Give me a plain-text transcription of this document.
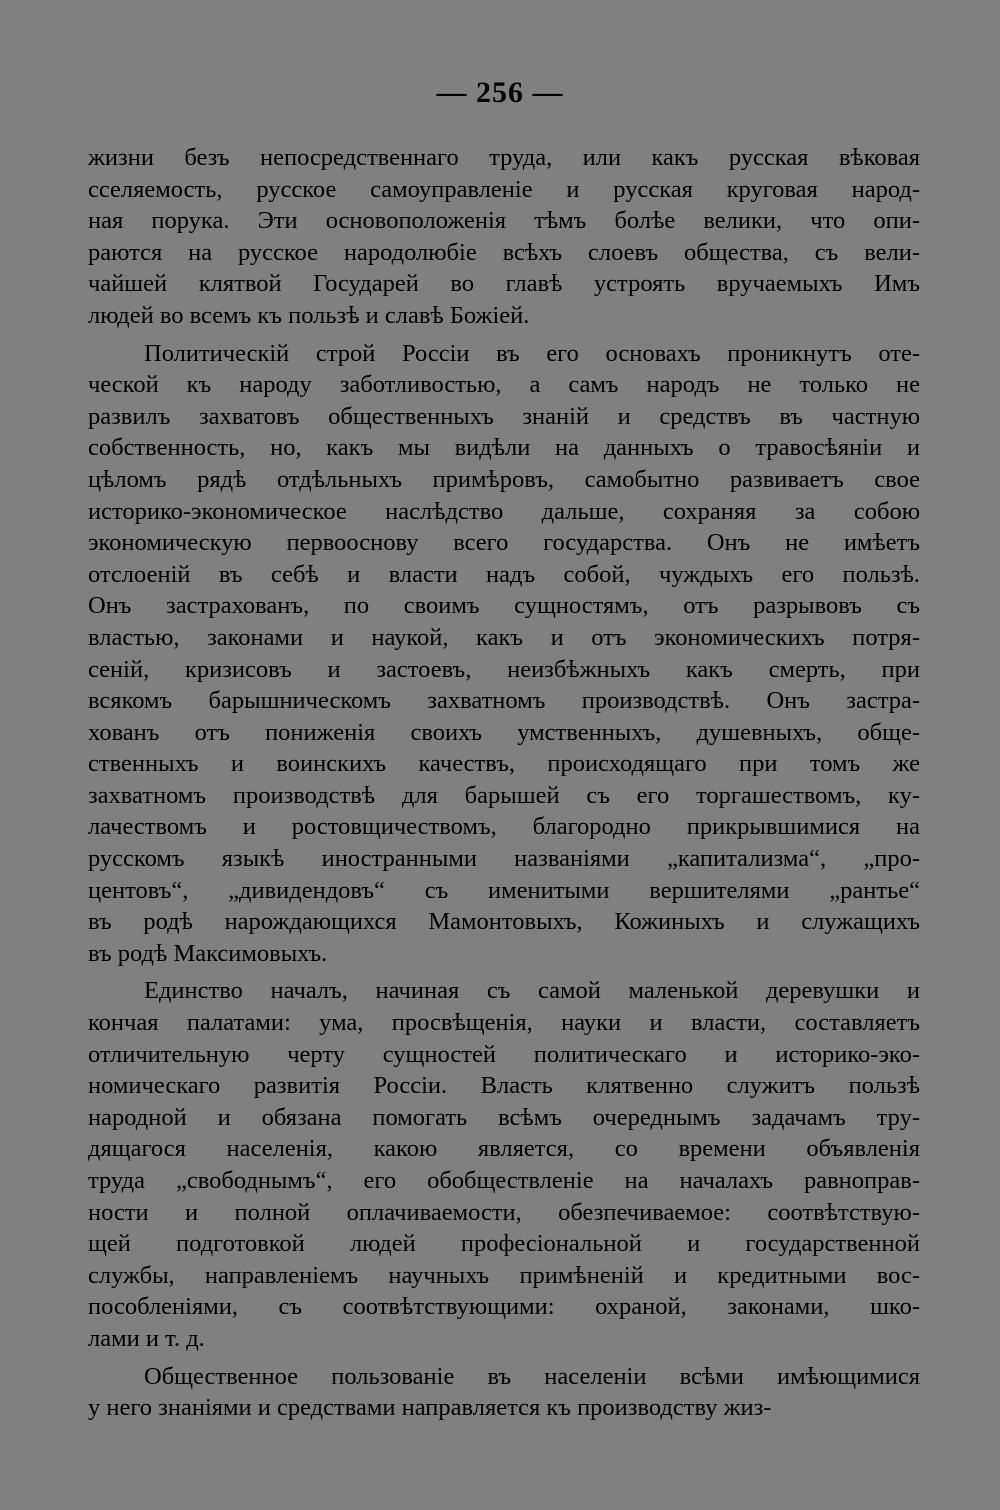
— 256 —
жизни безъ непосредственнаго труда, или какъ русская вѣковая
сселяемость, русское самоуправленіе и русская круговая народ-
ная порука. Эти основоположенія тѣмъ болѣе велики, что опи-
раются на русское народолюбіе всѣхъ слоевъ общества, съ вели-
чайшей клятвой Государей во главѣ устроять вручаемыхъ Имъ
людей во всемъ къ пользѣ и славѣ Божіей.
Политическій строй Россіи въ его основахъ проникнутъ оте-
ческой къ народу заботливостью, а самъ народъ не только не
развилъ захватовъ общественныхъ знаній и средствъ въ частную
собственность, но, какъ мы видѣли на данныхъ о травосѣяніи и
цѣломъ рядѣ отдѣльныхъ примѣровъ, самобытно развиваетъ свое
историко-экономическое наслѣдство дальше, сохраняя за собою
экономическую первооснову всего государства. Онъ не имѣетъ
отслоеній въ себѣ и власти надъ собой, чуждыхъ его пользѣ.
Онъ застрахованъ, по своимъ сущностямъ, отъ разрывовъ съ
властью, законами и наукой, какъ и отъ экономическихъ потря-
сеній, кризисовъ и застоевъ, неизбѣжныхъ какъ смерть, при
всякомъ барышническомъ захватномъ производствѣ. Онъ застра-
хованъ отъ пониженія своихъ умственныхъ, душевныхъ, обще-
ственныхъ и воинскихъ качествъ, происходящаго при томъ же
захватномъ производствѣ для барышей съ его торгашествомъ, ку-
лачествомъ и ростовщичествомъ, благородно прикрывшимися на
русскомъ языкѣ иностранными названіями „капитализма“, „про-
центовъ“, „дивидендовъ“ съ именитыми вершителями „рантье“
въ родѣ нарождающихся Мамонтовыхъ, Кожиныхъ и служащихъ
въ родѣ Максимовыхъ.
Единство началъ, начиная съ самой маленькой деревушки и
кончая палатами: ума, просвѣщенія, науки и власти, составляетъ
отличительную черту сущностей политическаго и историко-эко-
номическаго развитія Россіи. Власть клятвенно служитъ пользѣ
народной и обязана помогать всѣмъ очереднымъ задачамъ тру-
дящагося населенія, какою является, со времени объявленія
труда „свободнымъ“, его обобществленіе на началахъ равноправ-
ности и полной оплачиваемости, обезпечиваемое: соотвѣтствую-
щей подготовкой людей професіональной и государственной
службы, направленіемъ научныхъ примѣненій и кредитными вос-
пособленіями, съ соотвѣтствующими: охраной, законами, шко-
лами и т. д.
Общественное пользованіе въ населеніи всѣми имѣющимися
у него знаніями и средствами направляется къ производству жиз-
